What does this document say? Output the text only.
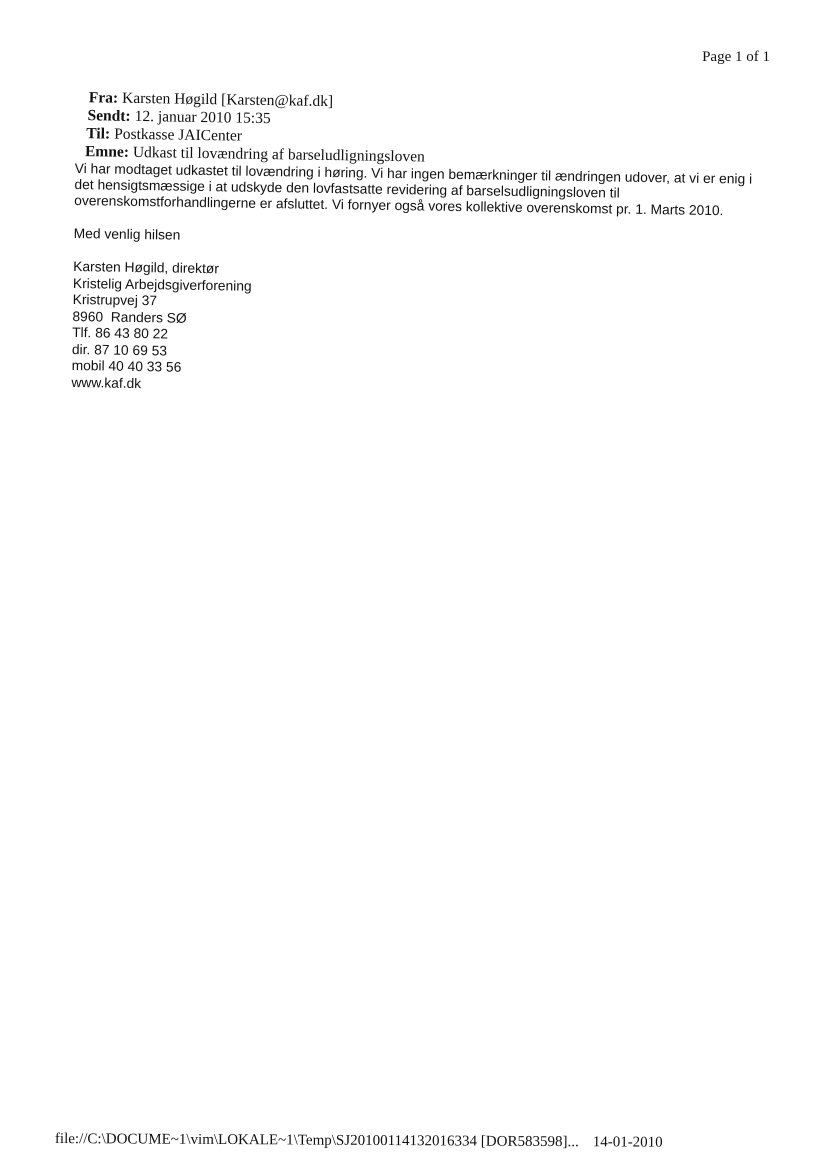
Page 1 of 1
Fra: Karsten Høgild [Karsten@kaf.dk]
Sendt: 12. januar 2010 15:35
Til: Postkasse JAICenter
Emne: Udkast til lovændring af barseludligningsloven

Vi har modtaget udkastet til lovændring i høring. Vi har ingen bemærkninger til ændringen udover, at vi er enig i det hensigtsmæssige i at udskyde den lovfastsatte revidering af barselsudligningsloven til overenskomstforhandlingerne er afsluttet. Vi fornyer også vores kollektive overenskomst pr. 1. Marts 2010.

Med venlig hilsen
Karsten Høgild, direktør
Kristelig Arbejdsgiverforening
Kristrupvej 37
8960  Randers SØ
Tlf. 86 43 80 22
dir. 87 10 69 53
mobil 40 40 33 56
www.kaf.dk
file://C:\DOCUME~1\vim\LOKALE~1\Temp\SJ20100114132016334 [DOR583598]... 14-01-2010
